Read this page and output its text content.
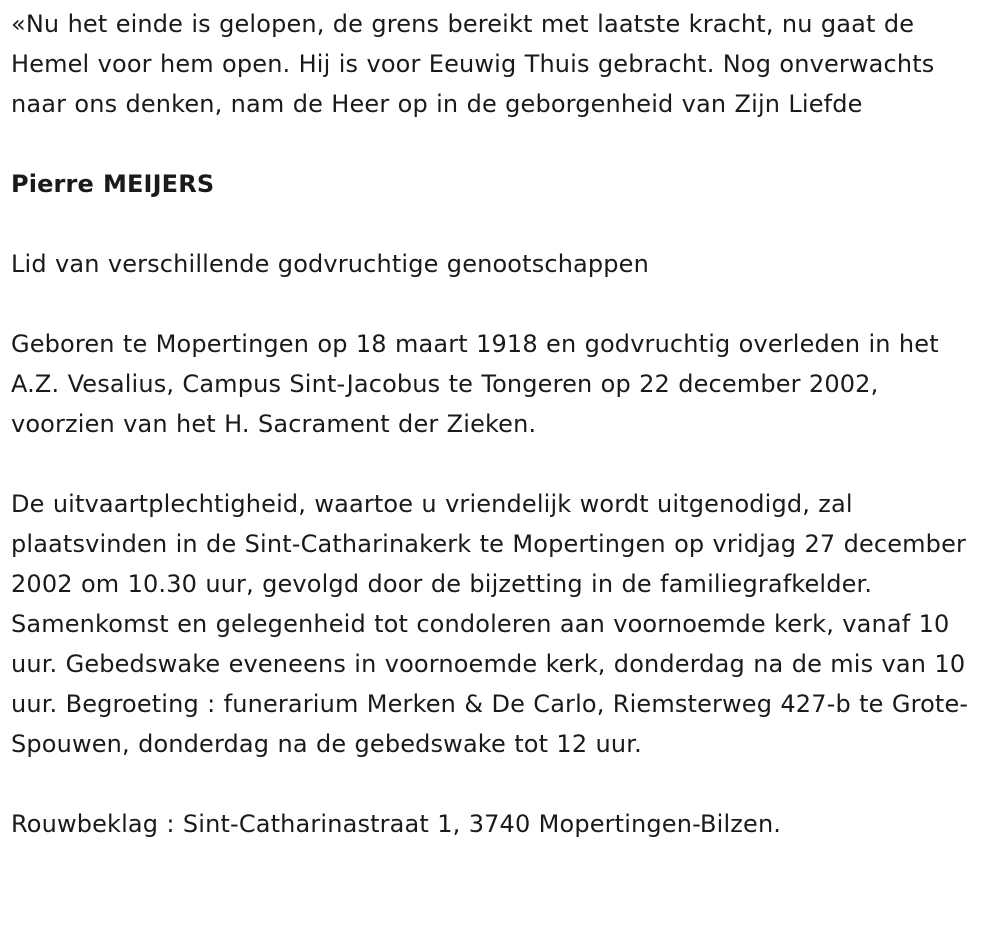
«Nu het einde is gelopen, de grens bereikt met laatste kracht, nu gaat de Hemel voor hem open. Hij is voor Eeuwig Thuis gebracht. Nog onverwachts naar ons denken, nam de Heer op in de geborgenheid van Zijn Liefde

Pierre MEIJERS

Lid van verschillende godvruchtige genootschappen

Geboren te Mopertingen op 18 maart 1918 en godvruchtig overleden in het A.Z. Vesalius, Campus Sint-Jacobus te Tongeren op 22 december 2002, voorzien van het H. Sacrament der Zieken.

De uitvaartplechtigheid, waartoe u vriendelijk wordt uitgenodigd, zal plaatsvinden in de Sint-Catharinakerk te Mopertingen op vridjag 27 december 2002 om 10.30 uur, gevolgd door de bijzetting in de familiegrafkelder. Samenkomst en gelegenheid tot condoleren aan voornoemde kerk, vanaf 10 uur. Gebedswake eveneens in voornoemde kerk, donderdag na de mis van 10 uur. Begroeting : funerarium Merken & De Carlo, Riemsterweg 427-b te Grote-Spouwen, donderdag na de gebedswake tot 12 uur.

Rouwbeklag : Sint-Catharinastraat 1, 3740 Mopertingen-Bilzen.
